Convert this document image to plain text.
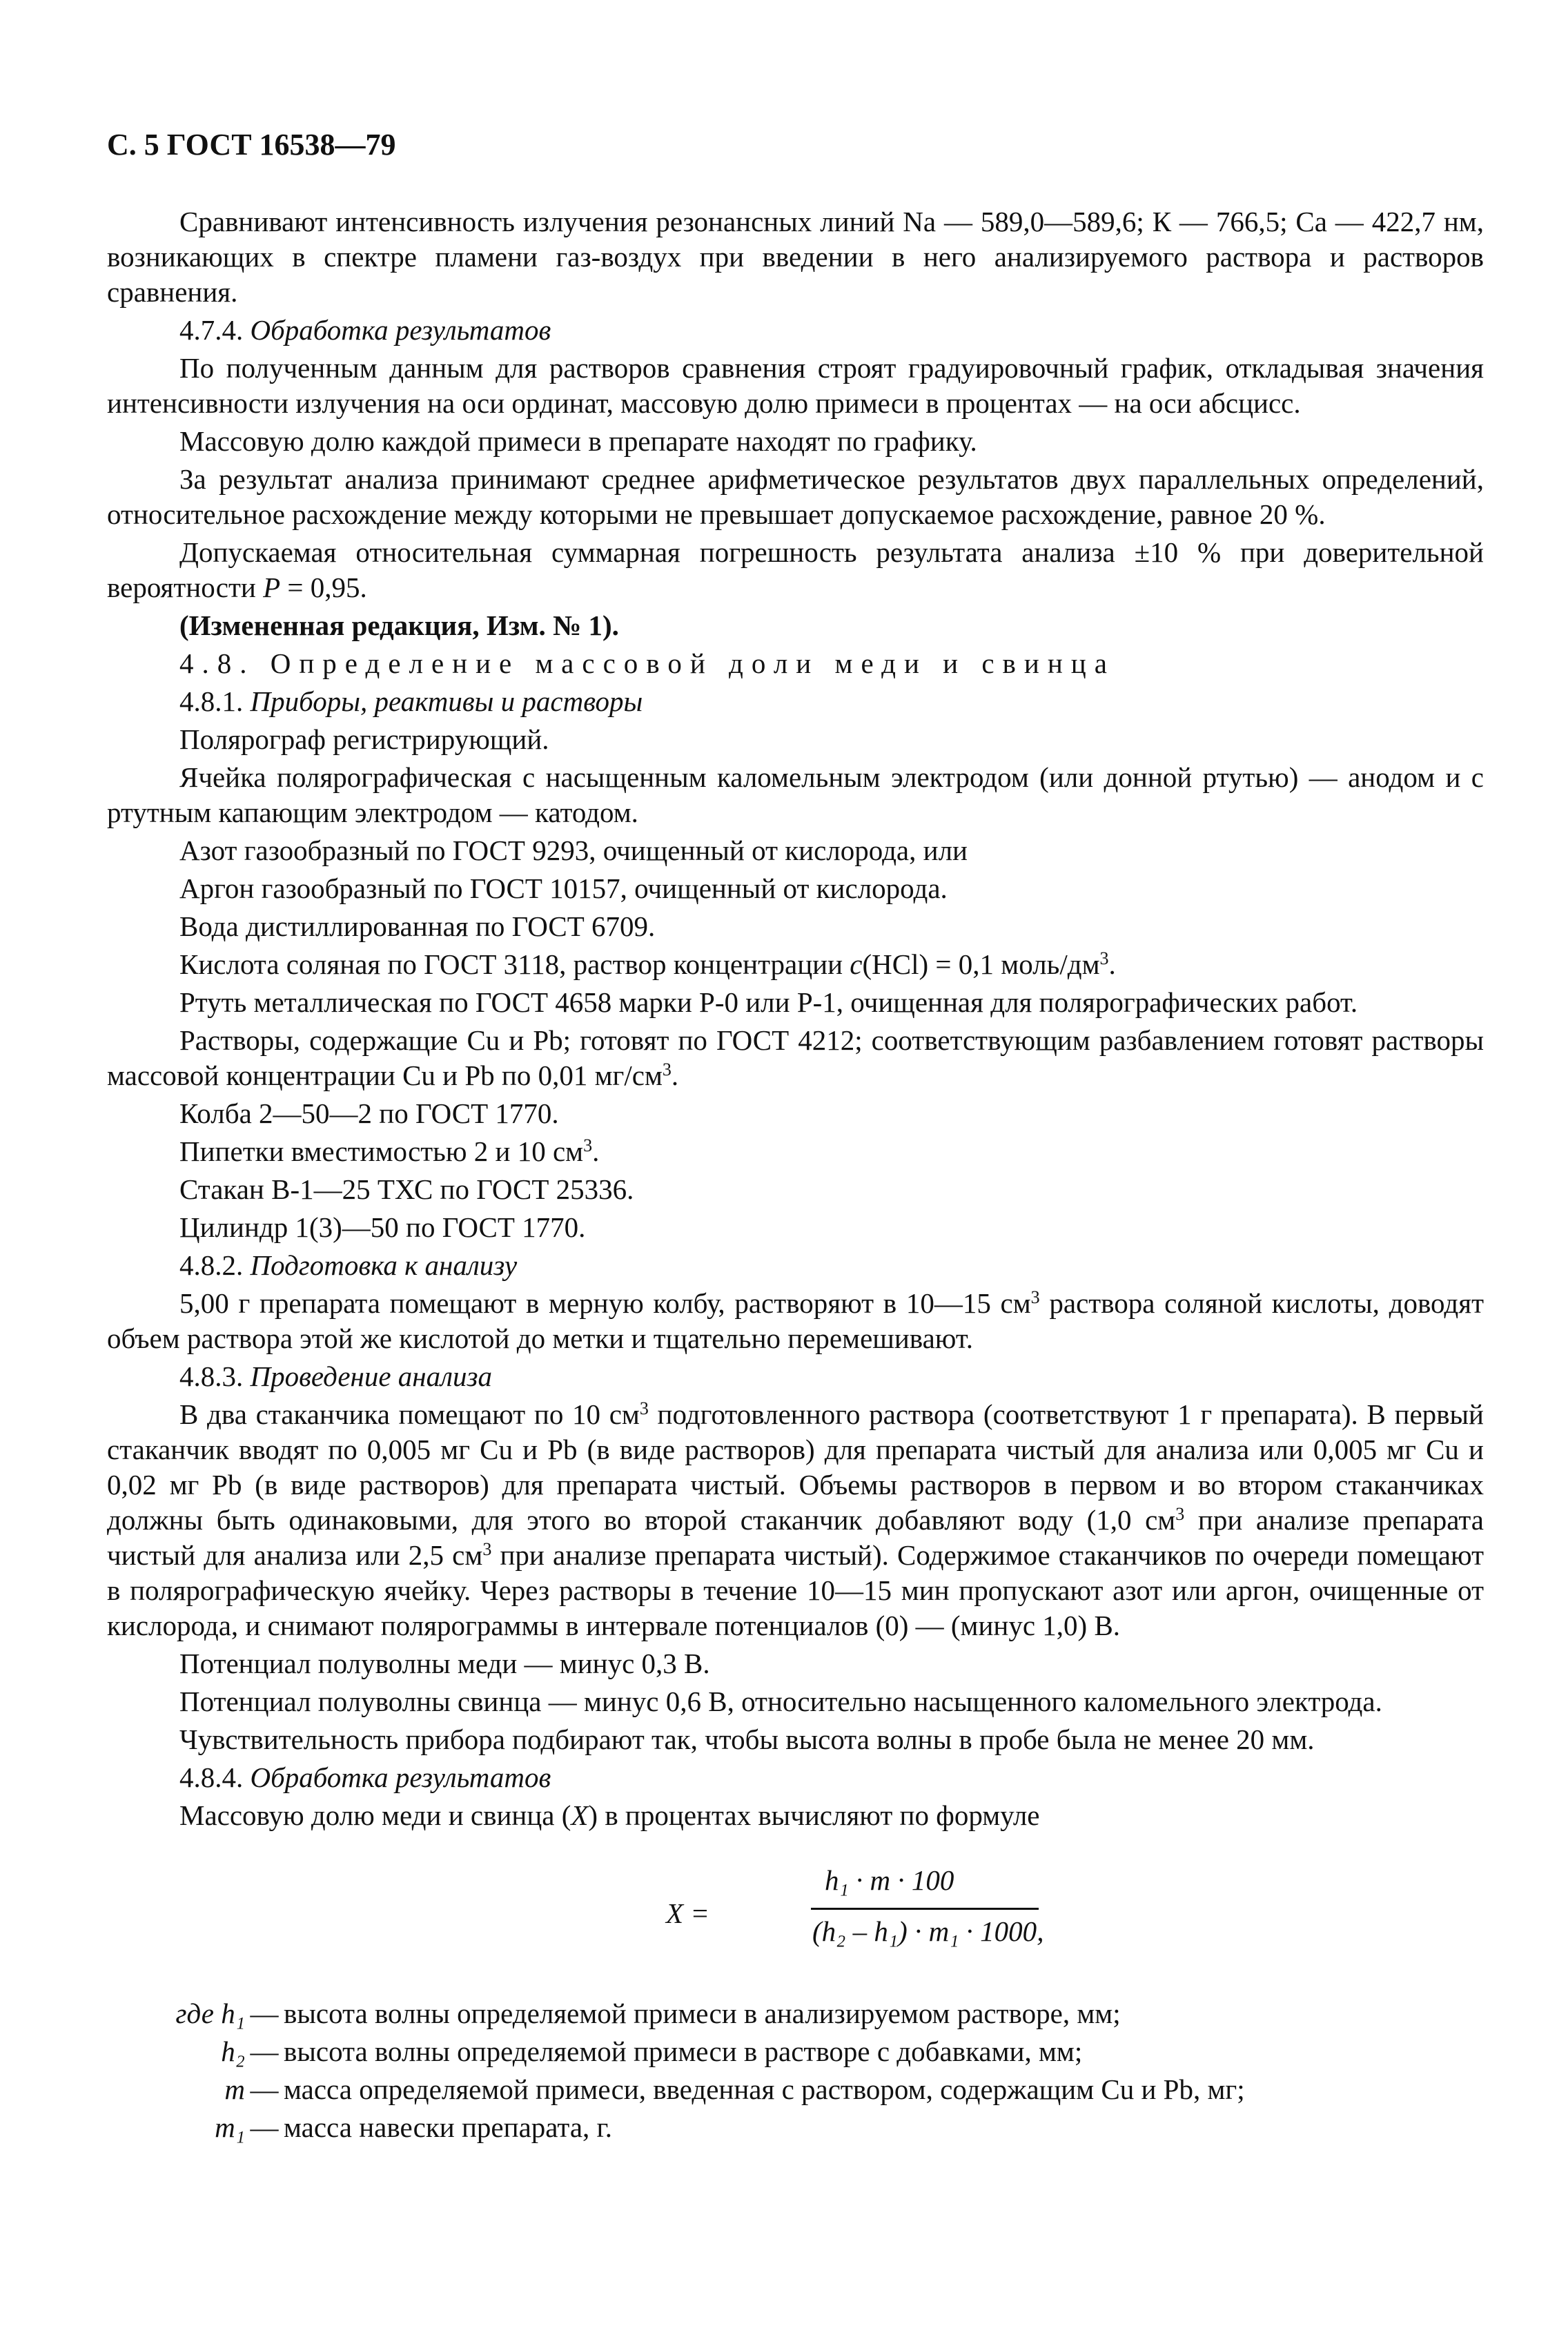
С. 5 ГОСТ 16538—79

Сравнивают интенсивность излучения резонансных линий Na — 589,0—589,6; К — 766,5; Ca — 422,7 нм, возникающих в спектре пламени газ-воздух при введении в него анализируемого раствора и растворов сравнения.

4.7.4. Обработка результатов

По полученным данным для растворов сравнения строят градуировочный график, откладывая значения интенсивности излучения на оси ординат, массовую долю примеси в процентах — на оси абсцисс.

Массовую долю каждой примеси в препарате находят по графику.

За результат анализа принимают среднее арифметическое результатов двух параллельных определений, относительное расхождение между которыми не превышает допускаемое расхождение, равное 20 %.

Допускаемая относительная суммарная погрешность результата анализа ±10 % при доверительной вероятности P = 0,95.

(Измененная редакция, Изм. № 1).

4.8. Определение массовой доли меди и свинца

4.8.1. Приборы, реактивы и растворы

Полярограф регистрирующий.

Ячейка полярографическая с насыщенным каломельным электродом (или донной ртутью) — анодом и с ртутным капающим электродом — катодом.

Азот газообразный по ГОСТ 9293, очищенный от кислорода, или

Аргон газообразный по ГОСТ 10157, очищенный от кислорода.

Вода дистиллированная по ГОСТ 6709.

Кислота соляная по ГОСТ 3118, раствор концентрации c(HCl) = 0,1 моль/$дм^3$.

Ртуть металлическая по ГОСТ 4658 марки Р-0 или Р-1, очищенная для полярографических работ.

Растворы, содержащие Cu и Pb; готовят по ГОСТ 4212; соответствующим разбавлением готовят растворы массовой концентрации Cu и Pb по 0,01 $мг/см^3$.

Колба 2—50—2 по ГОСТ 1770.

Пипетки вместимостью 2 и 10 $см^3$.

Стакан В-1—25 ТХС по ГОСТ 25336.

Цилиндр 1(3)—50 по ГОСТ 1770.

4.8.2. Подготовка к анализу

5,00 г препарата помещают в мерную колбу, растворяют в 10—15 $см^3$ раствора соляной кислоты, доводят объем раствора этой же кислотой до метки и тщательно перемешивают.

4.8.3. Проведение анализа

В два стаканчика помещают по 10 $см^3$ подготовленного раствора (соответствуют 1 г препарата). В первый стаканчик вводят по 0,005 мг Cu и Pb (в виде растворов) для препарата чистый для анализа или 0,005 мг Cu и 0,02 мг Pb (в виде растворов) для препарата чистый. Объемы растворов в первом и во втором стаканчиках должны быть одинаковыми, для этого во второй стаканчик добавляют воду (1,0 $см^3$ при анализе препарата чистый для анализа или 2,5 $см^3$ при анализе препарата чистый). Содержимое стаканчиков по очереди помещают в полярографическую ячейку. Через растворы в течение 10—15 мин пропускают азот или аргон, очищенные от кислорода, и снимают полярограммы в интервале потенциалов (0) — (минус 1,0) В.

Потенциал полуволны меди — минус 0,3 В.

Потенциал полуволны свинца — минус 0,6 В, относительно насыщенного каломельного электрода.

Чувствительность прибора подбирают так, чтобы высота волны в пробе была не менее 20 мм.

4.8.4. Обработка результатов

Массовую долю меди и свинца (X) в процентах вычисляют по формуле

X =
h₁ · m · 100
(h₂ – h₁) · m₁ · 1000,
где h₁ — высота волны определяемой примеси в анализируемом растворе, мм;
h₂ — высота волны определяемой примеси в растворе с добавками, мм;
m — масса определяемой примеси, введенная с раствором, содержащим Cu и Pb, мг;
m₁ — масса навески препарата, г.
